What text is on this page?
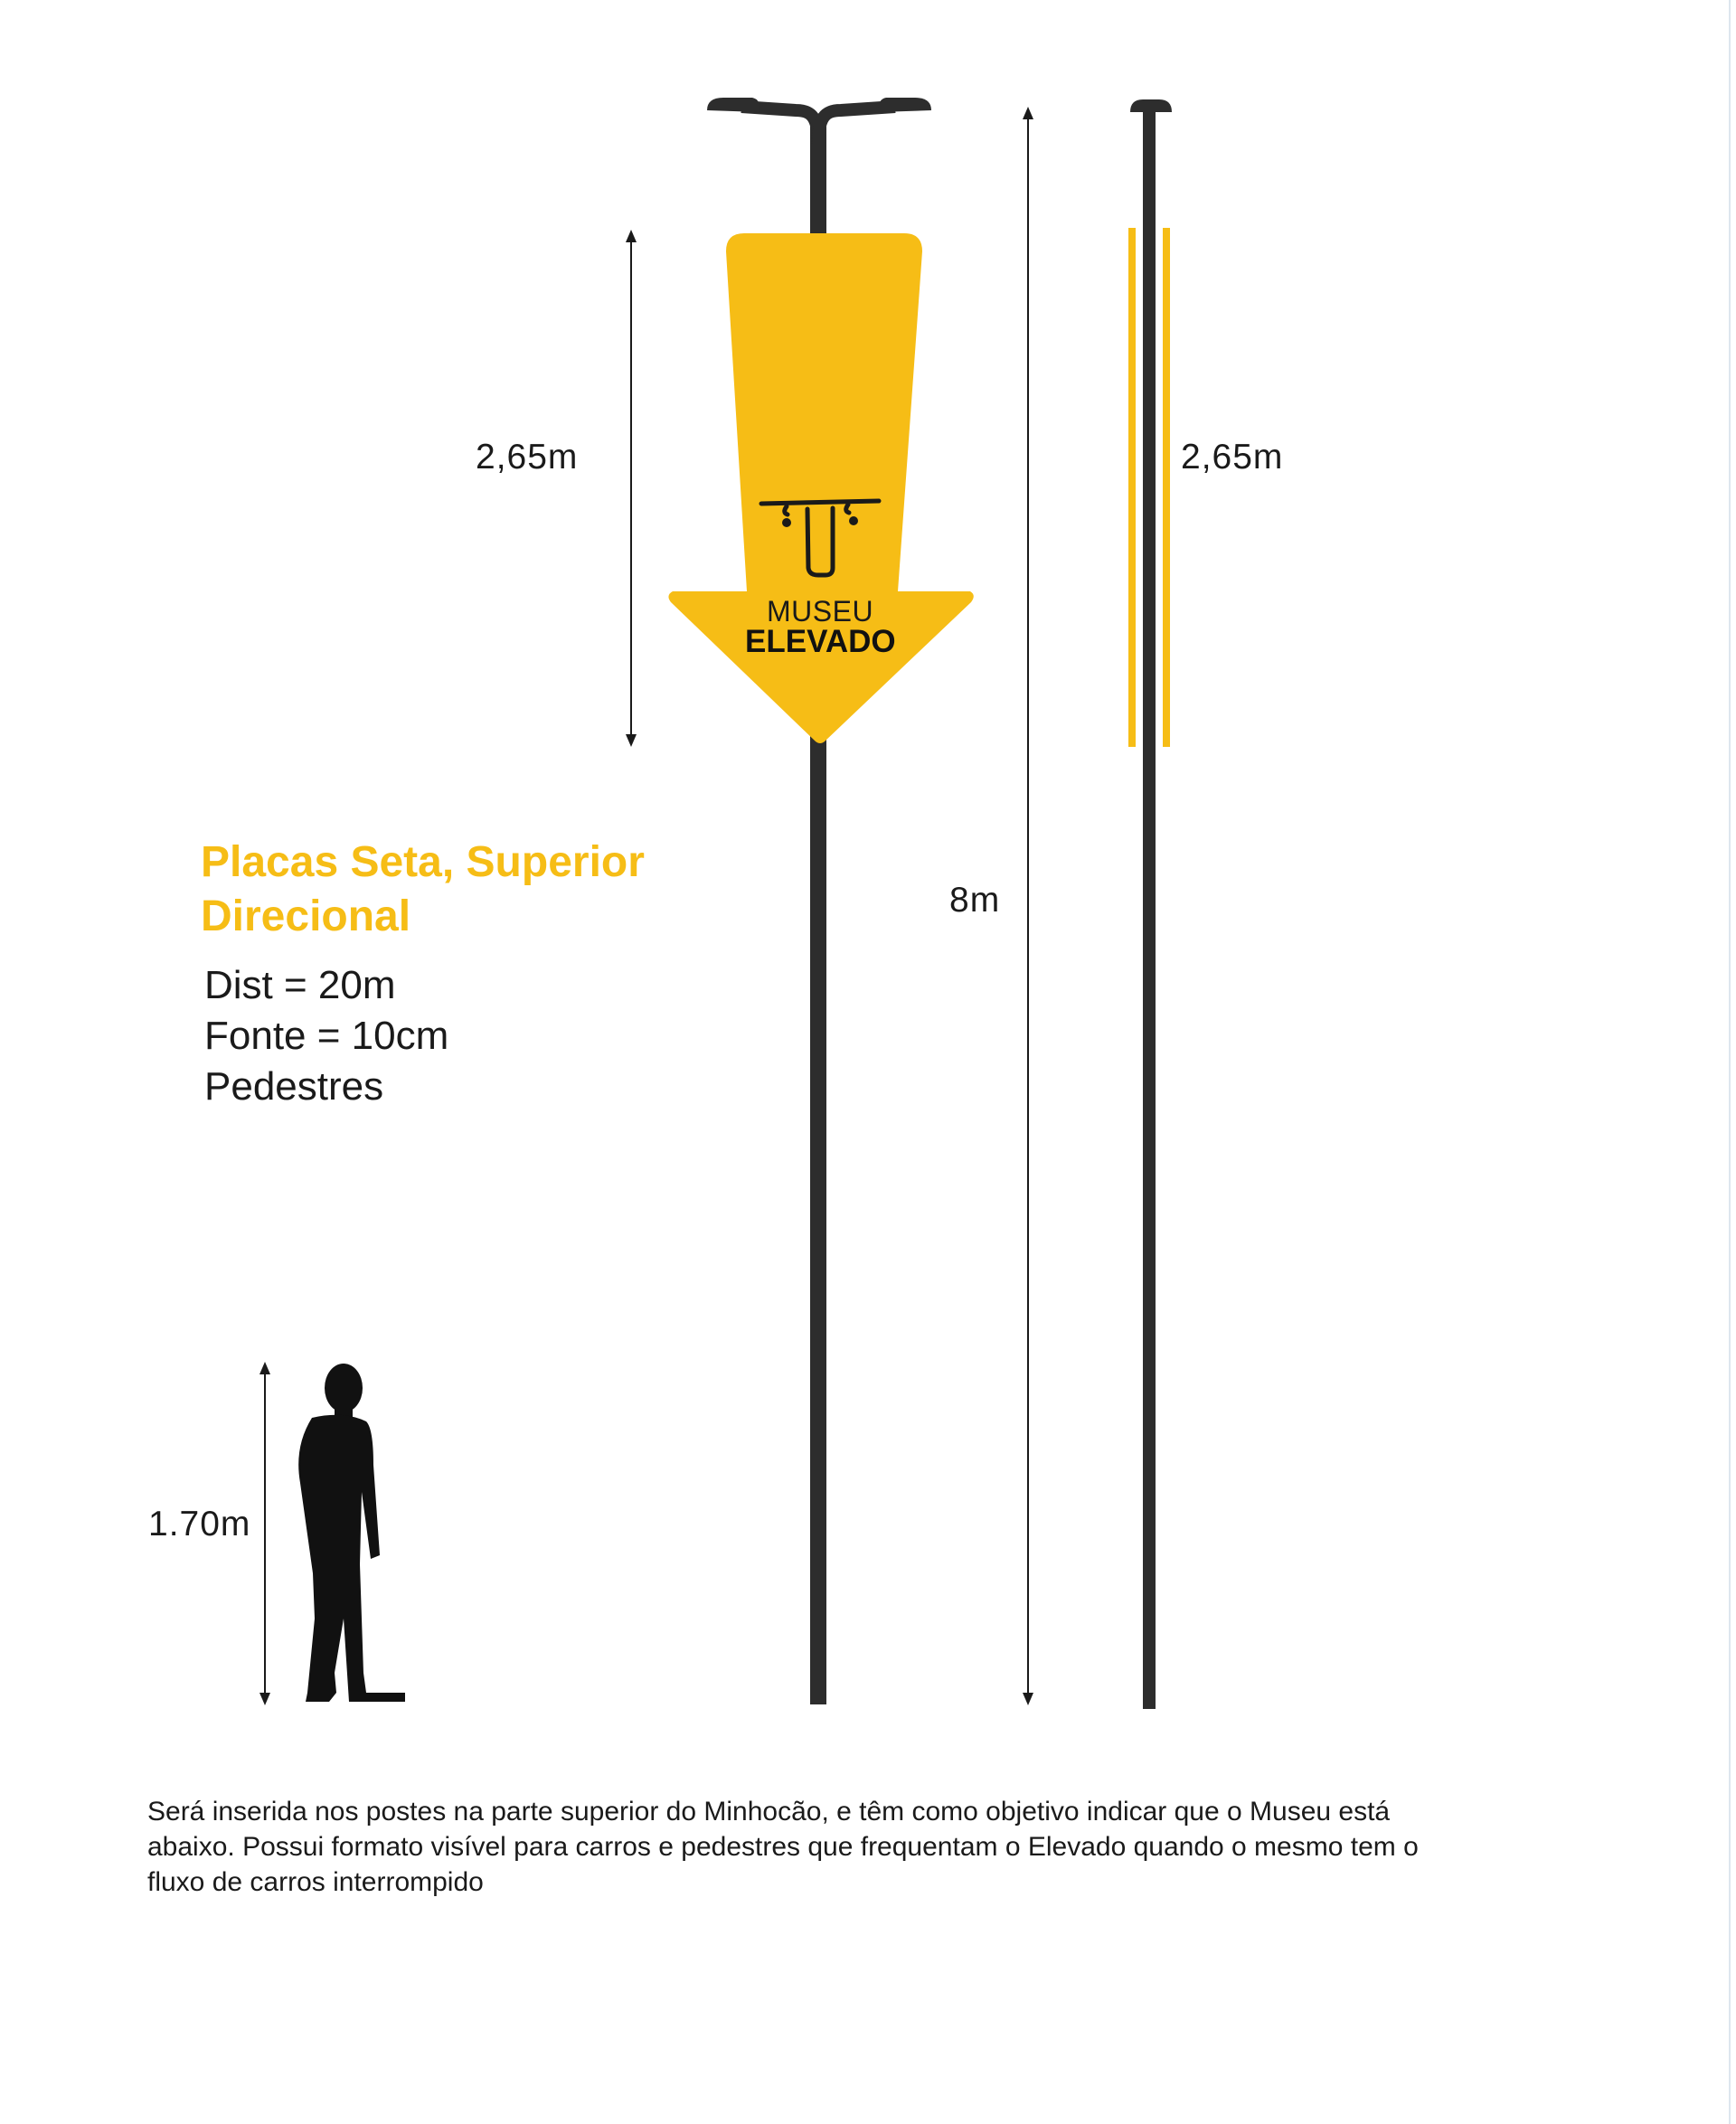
MUSEU
ELEVADO
2,65m	2,65m
8m
1.70m
Placas Seta, Superior
Direcional
Dist = 20m
Fonte = 10cm
Pedestres
Será inserida nos postes na parte superior do Minhocão, e têm como objetivo indicar que o Museu está abaixo. Possui formato visível para carros e pedestres que frequentam o Elevado quando o mesmo tem o fluxo de carros interrompido
